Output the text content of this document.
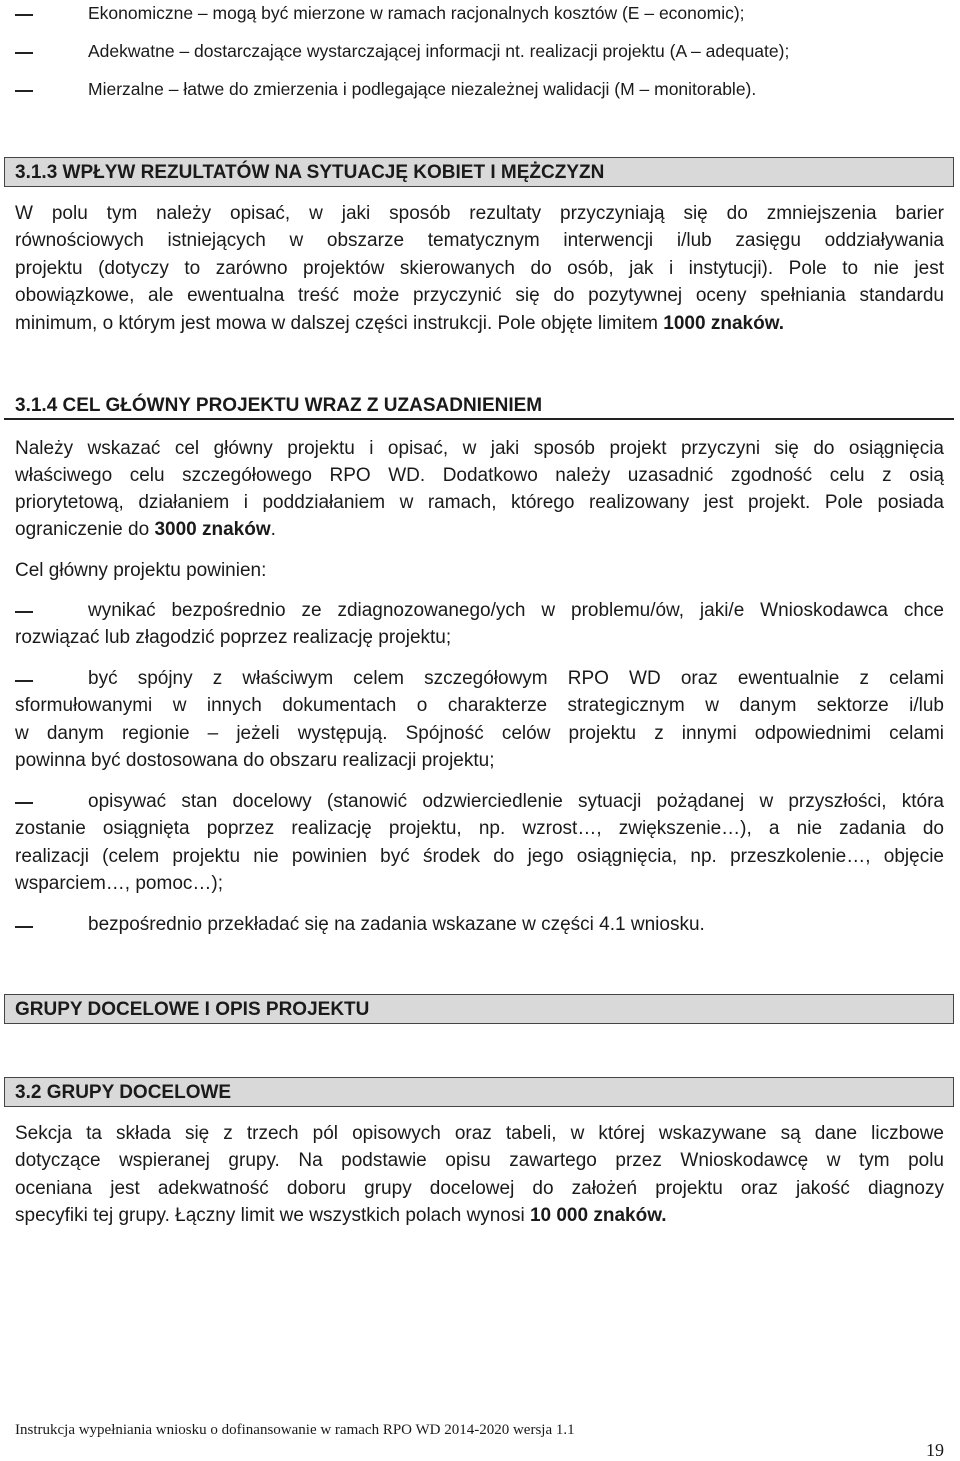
Ekonomiczne – mogą być mierzone w ramach racjonalnych kosztów (E – economic);
Adekwatne – dostarczające wystarczającej informacji nt. realizacji projektu (A – adequate);
Mierzalne – łatwe do zmierzenia i podlegające niezależnej walidacji (M – monitorable).
3.1.3 WPŁYW REZULTATÓW NA SYTUACJĘ KOBIET I MĘŻCZYZN
W polu tym należy opisać, w jaki sposób rezultaty przyczyniają się do zmniejszenia barier
równościowych istniejących w obszarze tematycznym interwencji i/lub zasięgu oddziaływania
projektu (dotyczy to zarówno projektów skierowanych do osób, jak i instytucji). Pole to nie jest
obowiązkowe, ale ewentualna treść może przyczynić się do pozytywnej oceny spełniania standardu
minimum, o którym jest mowa w dalszej części instrukcji. Pole objęte limitem 1000 znaków.
3.1.4 CEL GŁÓWNY PROJEKTU WRAZ Z UZASADNIENIEM
Należy wskazać cel główny projektu i opisać, w jaki sposób projekt przyczyni się do osiągnięcia
właściwego celu szczegółowego RPO WD. Dodatkowo należy uzasadnić zgodność celu z osią
priorytetową, działaniem i poddziałaniem w ramach, którego realizowany jest projekt. Pole posiada
ograniczenie do 3000 znaków.
Cel główny projektu powinien:
wynikać bezpośrednio ze zdiagnozowanego/ych w problemu/ów, jaki/e Wnioskodawca chce
rozwiązać lub złagodzić poprzez realizację projektu;
być spójny z właściwym celem szczegółowym RPO WD oraz ewentualnie z celami
sformułowanymi w innych dokumentach o charakterze strategicznym w danym sektorze i/lub
w danym regionie – jeżeli występują. Spójność celów projektu z innymi odpowiednimi celami
powinna być dostosowana do obszaru realizacji projektu;
opisywać stan docelowy (stanowić odzwierciedlenie sytuacji pożądanej w przyszłości, która
zostanie osiągnięta poprzez realizację projektu, np. wzrost…, zwiększenie…), a nie zadania do
realizacji (celem projektu nie powinien być środek do jego osiągnięcia, np. przeszkolenie…, objęcie
wsparciem…, pomoc…);
bezpośrednio przekładać się na zadania wskazane w części 4.1 wniosku.
GRUPY DOCELOWE I OPIS PROJEKTU
3.2 GRUPY DOCELOWE
Sekcja ta składa się z trzech pól opisowych oraz tabeli, w której wskazywane są dane liczbowe
dotyczące wspieranej grupy. Na podstawie opisu zawartego przez Wnioskodawcę w tym polu
oceniana jest adekwatność doboru grupy docelowej do założeń projektu oraz jakość diagnozy
specyfiki tej grupy. Łączny limit we wszystkich polach wynosi 10 000 znaków.
Instrukcja wypełniania wniosku o dofinansowanie w ramach RPO WD 2014-2020 wersja 1.1
19
